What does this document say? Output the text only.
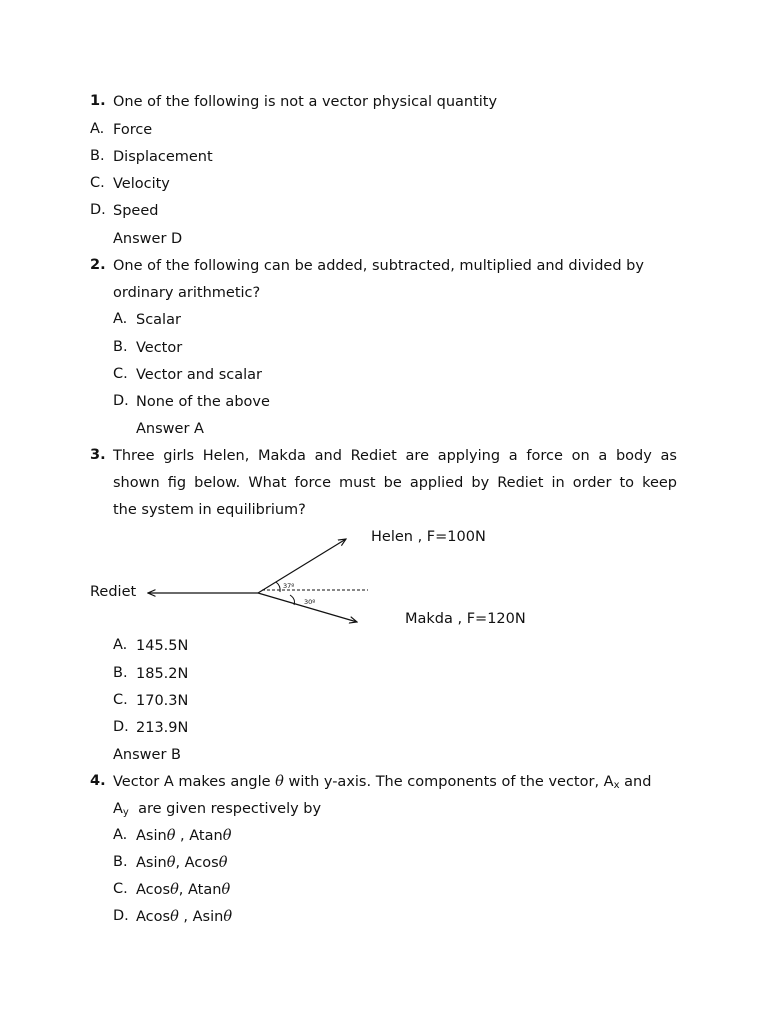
1. One of the following is not a vector physical quantity
A. Force
B. Displacement
C. Velocity
D. Speed
Answer D
2. One of the following can be added, subtracted, multiplied and divided by
ordinary arithmetic?
A. Scalar
B. Vector
C. Vector and scalar
D. None of the above
Answer A
3. Three girls Helen, Makda and Rediet are applying a force on a body as
shown fig below. What force must be applied by Rediet in order to keep
the system in equilibrium?
Helen , F=100N
Rediet
Makda , F=120N
37º
30º
A. 145.5N
B. 185.2N
C. 170.3N
D. 213.9N
Answer B
4. Vector A makes angle θ with y-axis. The components of the vector, $A_x$ and
$A_y$ are given respectively by
A. Asinθ , Atanθ
B. Asinθ, Acosθ
C. Acosθ, Atanθ
D. Acosθ , Asinθ
